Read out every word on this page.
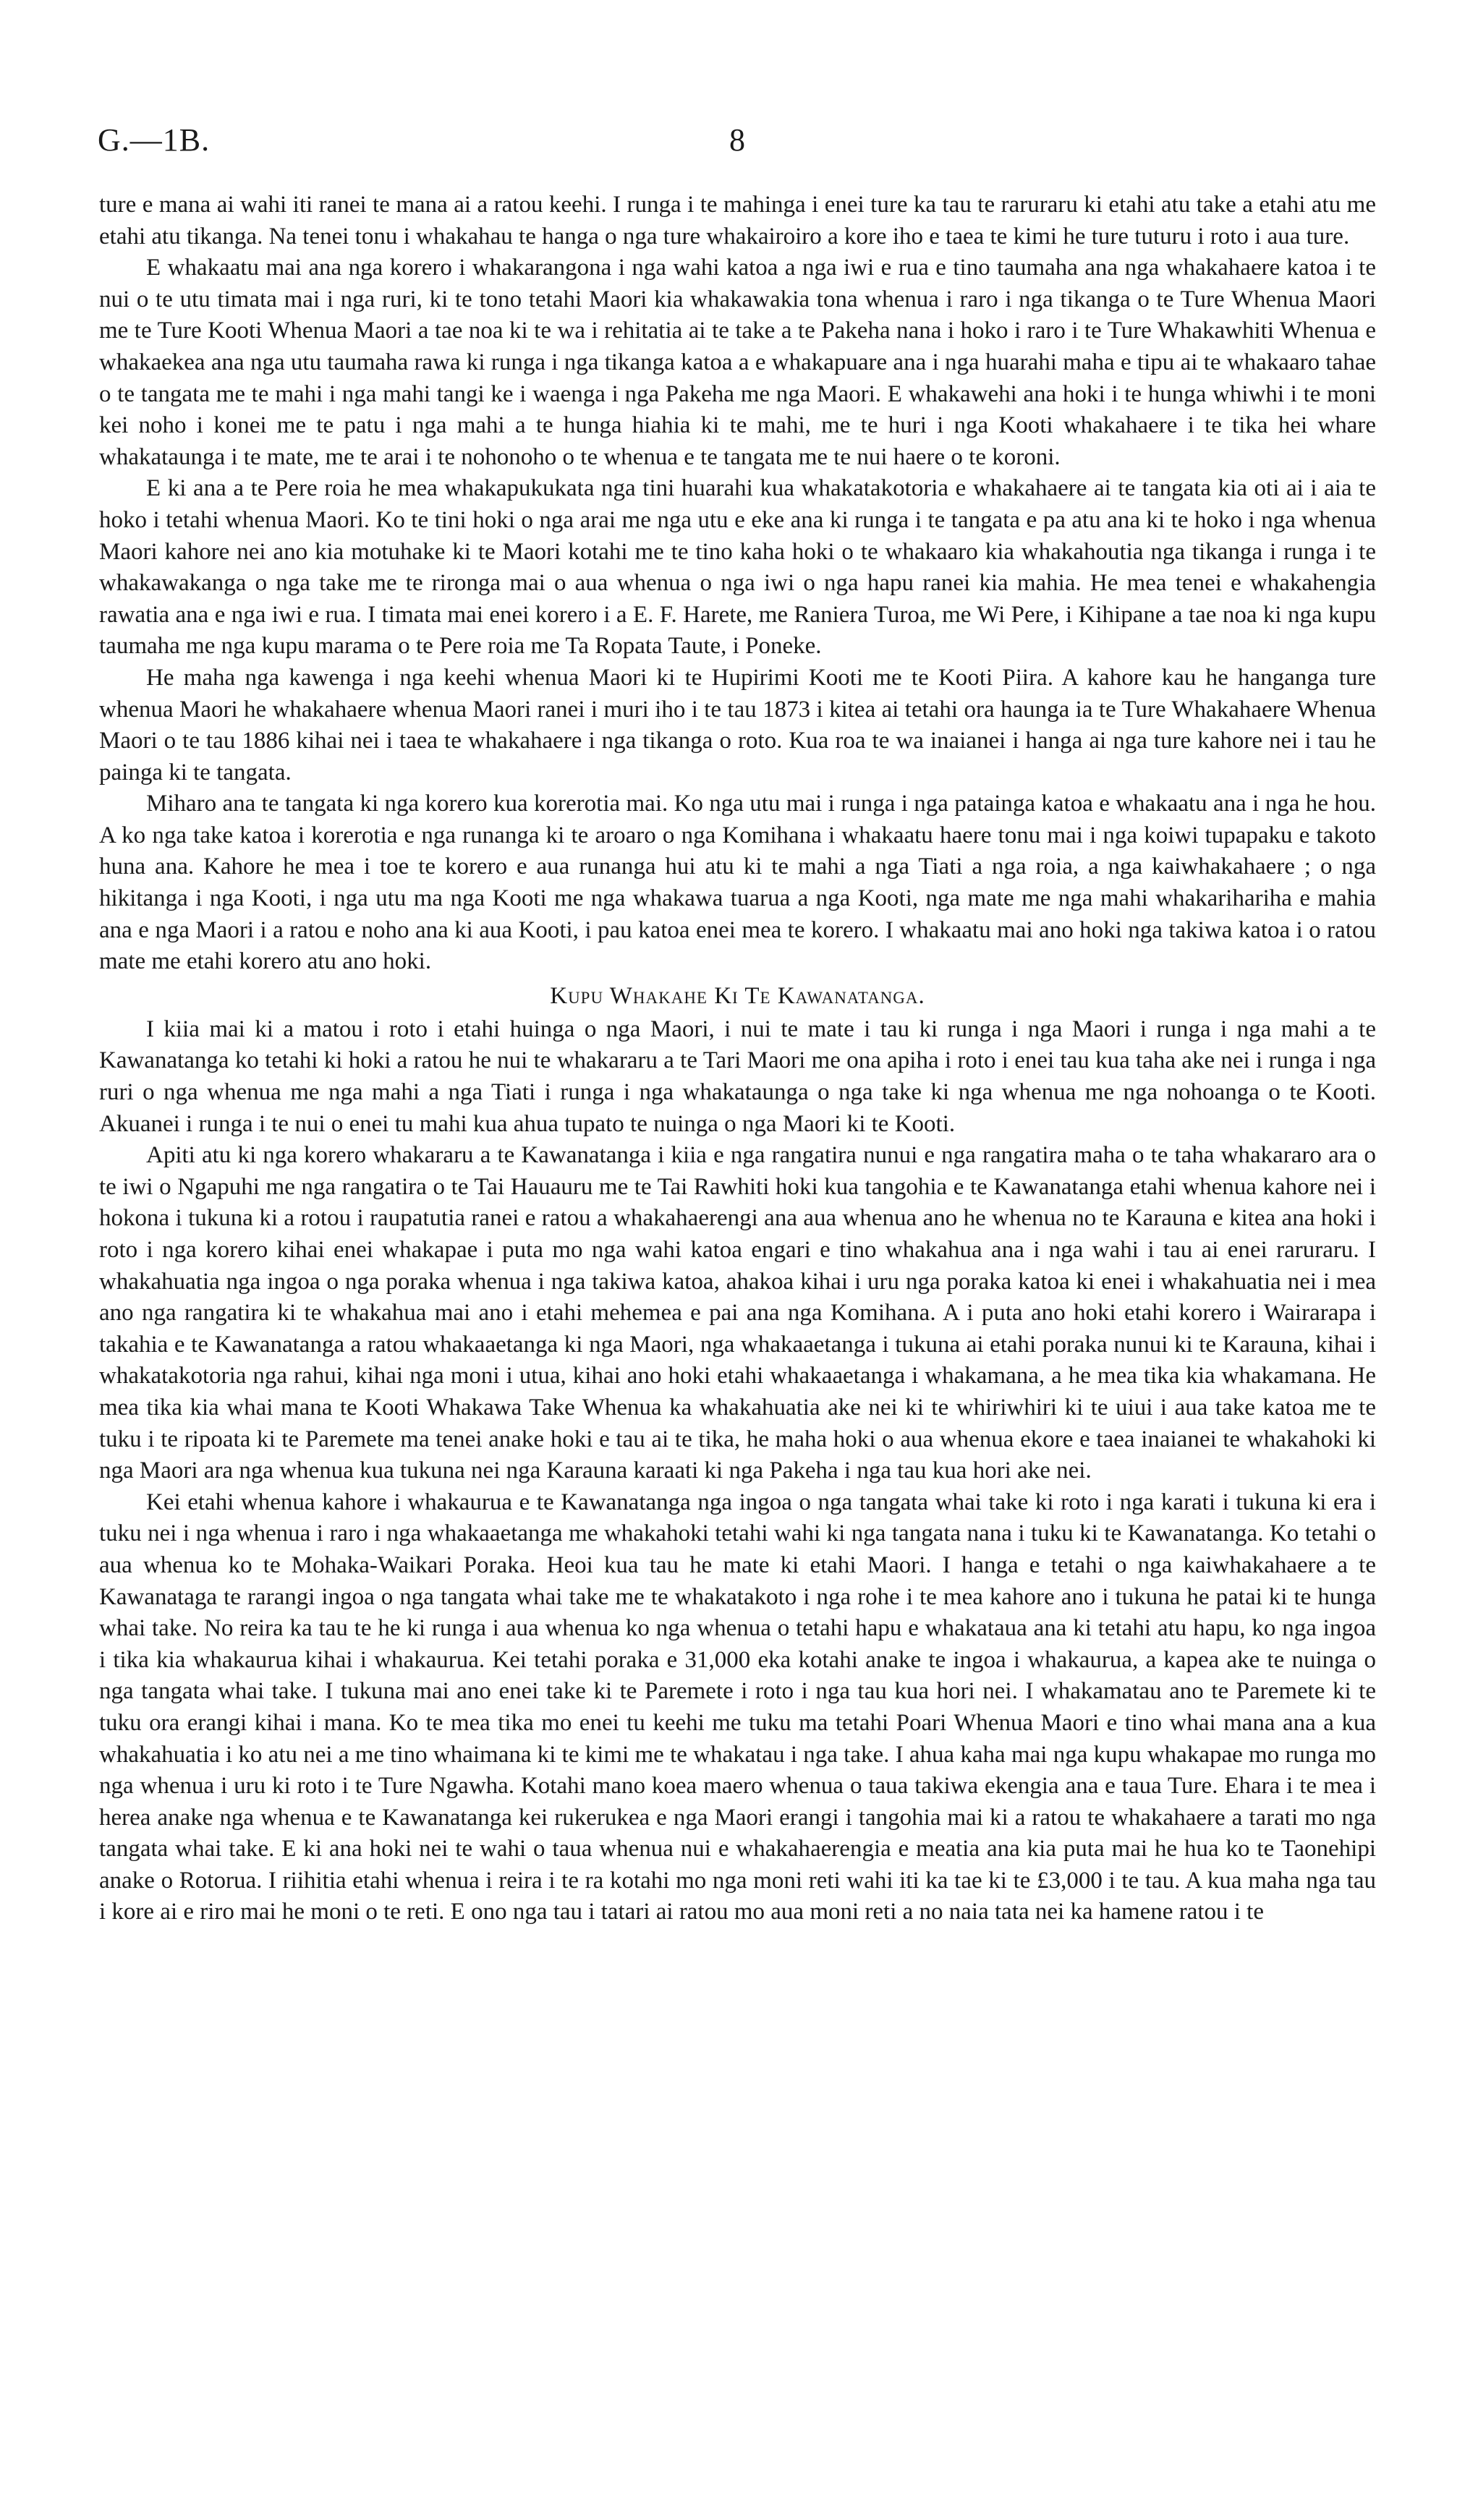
G.—1B.	8

ture e mana ai wahi iti ranei te mana ai a ratou keehi. I runga i te mahinga i enei ture ka tau te raruraru ki etahi atu take a etahi atu me etahi atu tikanga. Na tenei tonu i whakahau te hanga o nga ture whakairoiro a kore iho e taea te kimi he ture tuturu i roto i aua ture.

E whakaatu mai ana nga korero i whakarangona i nga wahi katoa a nga iwi e rua e tino taumaha ana nga whakahaere katoa i te nui o te utu timata mai i nga ruri, ki te tono tetahi Maori kia whakawakia tona whenua i raro i nga tikanga o te Ture Whenua Maori me te Ture Kooti Whenua Maori a tae noa ki te wa i rehitatia ai te take a te Pakeha nana i hoko i raro i te Ture Whakawhiti Whenua e whakaekea ana nga utu taumaha rawa ki runga i nga tikanga katoa a e whakapuare ana i nga huarahi maha e tipu ai te whakaaro tahae o te tangata me te mahi i nga mahi tangi ke i waenga i nga Pakeha me nga Maori. E whakawehi ana hoki i te hunga whiwhi i te moni kei noho i konei me te patu i nga mahi a te hunga hiahia ki te mahi, me te huri i nga Kooti whakahaere i te tika hei whare whakataunga i te mate, me te arai i te nohonoho o te whenua e te tangata me te nui haere o te koroni.

E ki ana a te Pere roia he mea whakapukukata nga tini huarahi kua whakatakotoria e whakahaere ai te tangata kia oti ai i aia te hoko i tetahi whenua Maori. Ko te tini hoki o nga arai me nga utu e eke ana ki runga i te tangata e pa atu ana ki te hoko i nga whenua Maori kahore nei ano kia motuhake ki te Maori kotahi me te tino kaha hoki o te whakaaro kia whakahoutia nga tikanga i runga i te whakawakanga o nga take me te rironga mai o aua whenua o nga iwi o nga hapu ranei kia mahia. He mea tenei e whakahengia rawatia ana e nga iwi e rua. I timata mai enei korero i a E. F. Harete, me Raniera Turoa, me Wi Pere, i Kihipane a tae noa ki nga kupu taumaha me nga kupu marama o te Pere roia me Ta Ropata Taute, i Poneke.

He maha nga kawenga i nga keehi whenua Maori ki te Hupirimi Kooti me te Kooti Piira. A kahore kau he hanganga ture whenua Maori he whakahaere whenua Maori ranei i muri iho i te tau 1873 i kitea ai tetahi ora haunga ia te Ture Whakahaere Whenua Maori o te tau 1886 kihai nei i taea te whakahaere i nga tikanga o roto. Kua roa te wa inaianei i hanga ai nga ture kahore nei i tau he painga ki te tangata.

Miharo ana te tangata ki nga korero kua korerotia mai. Ko nga utu mai i runga i nga pataingа katoa e whakaatu ana i nga he hou. A ko nga take katoa i korerotia e nga runanga ki te aroaro o nga Komihana i whakaatu haere tonu mai i nga koiwi tupapaku e takoto huna ana. Kahore he mea i toe te korero e aua runanga hui atu ki te mahi a nga Tiati a nga roia, a nga kaiwhakahaere ; o nga hikitanga i nga Kooti, i nga utu ma nga Kooti me nga whakawa tuarua a nga Kooti, nga mate me nga mahi whakarihariha e mahia ana e nga Maori i a ratou e noho ana ki aua Kooti, i pau katoa enei mea te korero. I whakaatu mai ano hoki nga takiwa katoa i o ratou mate me etahi korero atu ano hoki.

Kupu Whakahe Ki Te Kawanatanga.

I kiia mai ki a matou i roto i etahi huinga o nga Maori, i nui te mate i tau ki runga i nga Maori i runga i nga mahi a te Kawanatanga ko tetahi ki hoki a ratou he nui te whakararu a te Tari Maori me ona apiha i roto i enei tau kua taha ake nei i runga i nga ruri o nga whenua me nga mahi a nga Tiati i runga i nga whakataunga o nga take ki nga whenua me nga nohoanga o te Kooti. Akuanei i runga i te nui o enei tu mahi kua ahua tupato te nuinga o nga Maori ki te Kooti.

Apiti atu ki nga korero whakararu a te Kawanatanga i kiia e nga rangatira nunui e nga rangatira maha o te taha whakararo ara o te iwi o Ngapuhi me nga rangatira o te Tai Hauauru me te Tai Rawhiti hoki kua tangohia e te Kawanatanga etahi whenua kahore nei i hokona i tukuna ki a rotou i raupatutia ranei e ratou a whakahaerengi ana aua whenua ano he whenua no te Karauna e kitea ana hoki i roto i nga korero kihai enei whakapae i puta mo nga wahi katoa engari e tino whakahua ana i nga wahi i tau ai enei raruraru. I whakahuatia nga ingoa o nga poraka whenua i nga takiwa katoa, ahakoa kihai i uru nga poraka katoa ki enei i whakahuatia nei i mea ano nga rangatira ki te whakahua mai ano i etahi mehemea e pai ana nga Komihana. A i puta ano hoki etahi korero i Wairarapa i takahia e te Kawanatanga a ratou whakaaetanga ki nga Maori, nga whakaaetanga i tukuna ai etahi poraka nunui ki te Karauna, kihai i whakatakotoria nga rahui, kihai nga moni i utua, kihai ano hoki etahi whakaaetanga i whakamana, a he mea tika kia whakamana. He mea tika kia whai mana te Kooti Whakawa Take Whenua ka whakahuatia ake nei ki te whiriwhiri ki te uiui i aua take katoa me te tuku i te ripoata ki te Paremete ma tenei anake hoki e tau ai te tika, he maha hoki o aua whenua ekore e taea inaianei te whakahoki ki nga Maori ara nga whenua kua tukuna nei nga Karauna karaati ki nga Pakeha i nga tau kua hori ake nei.

Kei etahi whenua kahore i whakaurua e te Kawanatanga nga ingoa o nga tangata whai take ki roto i nga karati i tukuna ki era i tuku nei i nga whenua i raro i nga whakaaetanga me whakahoki tetahi wahi ki nga tangata nana i tuku ki te Kawanatanga. Ko tetahi o aua whenua ko te Mohaka-Waikari Poraka. Heoi kua tau he mate ki etahi Maori. I hanga e tetahi o nga kaiwhakahaere a te Kawanataga te rarangi ingoa o nga tangata whai take me te whakatakoto i nga rohe i te mea kahore ano i tukuna he patai ki te hunga whai take. No reira ka tau te he ki runga i aua whenua ko nga whenua o tetahi hapu e whakataua ana ki tetahi atu hapu, ko nga ingoa i tika kia whakaurua kihai i whakaurua. Kei tetahi poraka e 31,000 eka kotahi anake te ingoa i whakaurua, a kapea ake te nuinga o nga tangata whai take. I tukuna mai ano enei take ki te Paremete i roto i nga tau kua hori nei. I whakamatau ano te Paremete ki te tuku ora erangi kihai i mana. Ko te mea tika mo enei tu keehi me tuku ma tetahi Poari Whenua Maori e tino whai mana ana a kua whakahuatia i ko atu nei a me tino whaimana ki te kimi me te whakatau i nga take. I ahua kaha mai nga kupu whakapae mo runga mo nga whenua i uru ki roto i te Ture Ngawha. Kotahi mano koea maero whenua o taua takiwa ekengia ana e taua Ture. Ehara i te mea i herea anake nga whenua e te Kawanatanga kei rukerukea e nga Maori erangi i tangohia mai ki a ratou te whakahaere a tarati mo nga tangata whai take. E ki ana hoki nei te wahi o taua whenua nui e whakahaerengia e meatia ana kia puta mai he hua ko te Taonehipi anake o Rotorua. I riihitia etahi whenua i reira i te ra kotahi mo nga moni reti wahi iti ka tae ki te £3,000 i te tau. A kua maha nga tau i kore ai e riro mai he moni o te reti. E ono nga tau i tatari ai ratou mo aua moni reti a no naia tata nei ka hamene ratou i te
